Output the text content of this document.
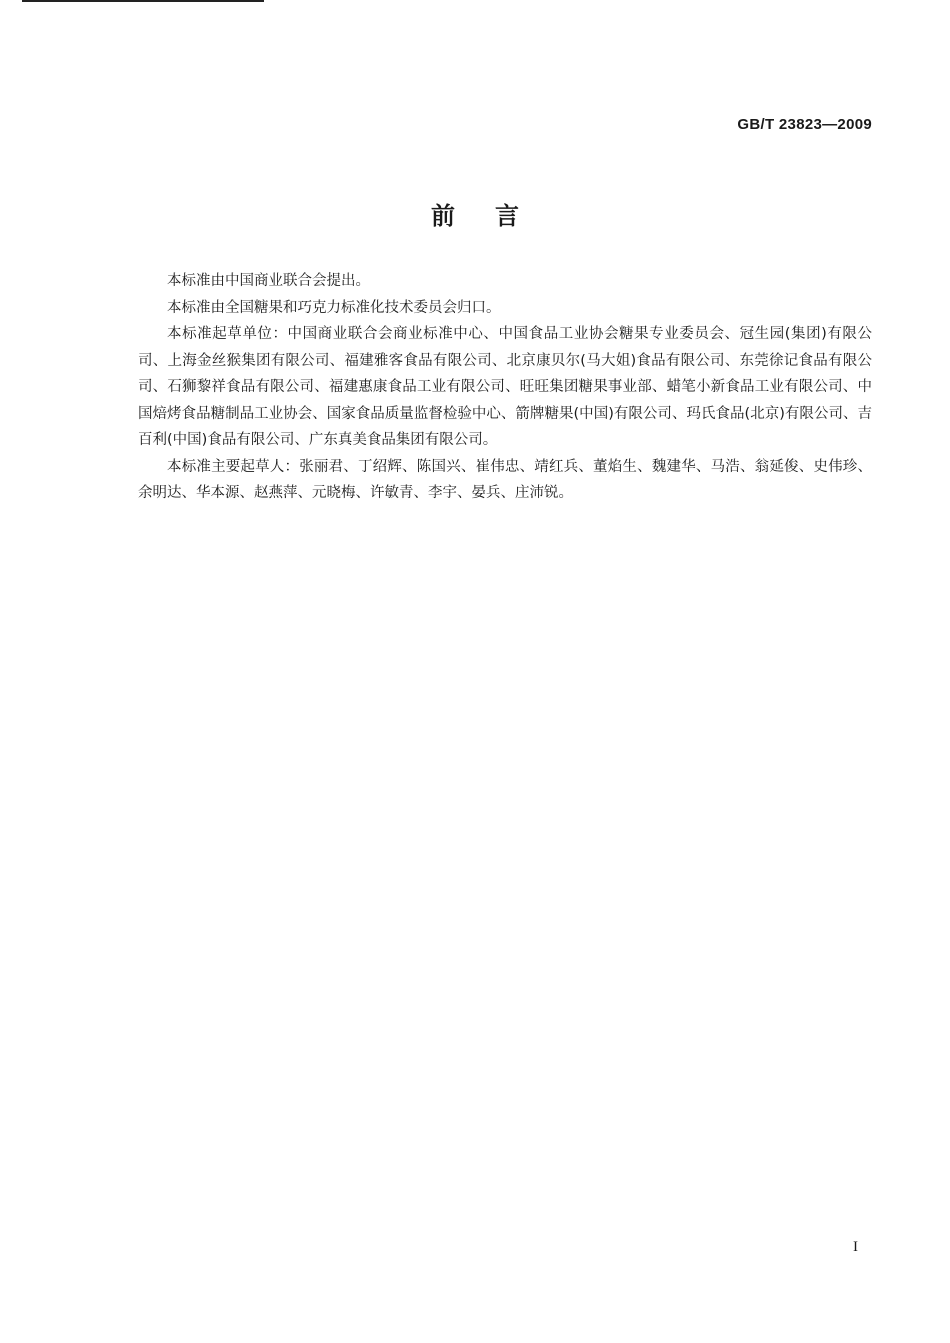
GB/T 23823—2009
前言

本标准由中国商业联合会提出。

本标准由全国糖果和巧克力标准化技术委员会归口。

本标准起草单位：中国商业联合会商业标准中心、中国食品工业协会糖果专业委员会、冠生园(集团)有限公司、上海金丝猴集团有限公司、福建雅客食品有限公司、北京康贝尔(马大姐)食品有限公司、东莞徐记食品有限公司、石狮黎祥食品有限公司、福建惠康食品工业有限公司、旺旺集团糖果事业部、蜡笔小新食品工业有限公司、中国焙烤食品糖制品工业协会、国家食品质量监督检验中心、箭牌糖果(中国)有限公司、玛氏食品(北京)有限公司、吉百利(中国)食品有限公司、广东真美食品集团有限公司。

本标准主要起草人：张丽君、丁绍辉、陈国兴、崔伟忠、靖红兵、董焰生、魏建华、马浩、翁延俊、史伟珍、余明达、华本源、赵燕萍、元晓梅、许敏青、李宇、晏兵、庄沛锐。

I
